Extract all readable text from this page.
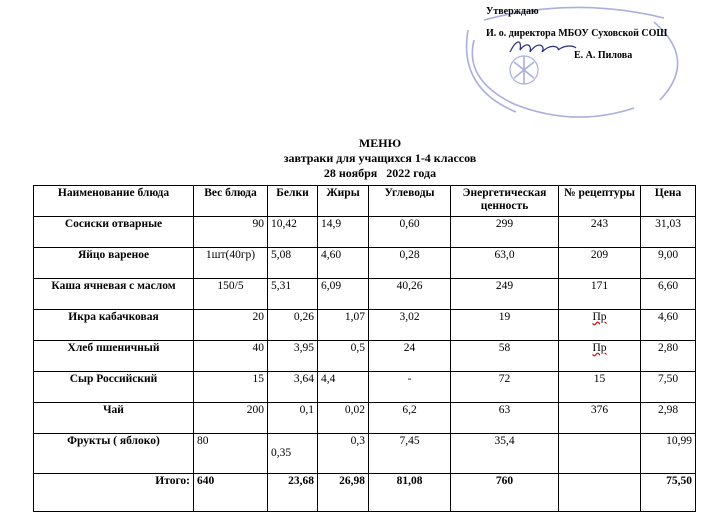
Утверждаю
И. о. директора МБОУ Суховской СОШ
Е. А. Пилова
МЕНЮ
завтраки для учащихся 1-4 классов
28 ноября   2022 года
Наименование блюда	Вес блюда	Белки	Жиры	Углеводы	Энергетическая ценность	№ рецептуры	Цена
Сосиски отварные	90	10,42	14,9	0,60	299	243	31,03
Яйцо вареное	1шт(40гр)	5,08	4,60	0,28	63,0	209	9,00
Каша ячневая с маслом	150/5	5,31	6,09	40,26	249	171	6,60
Икра кабачковая	20	0,26	1,07	3,02	19	Пр	4,60
Хлеб пшеничный	40	3,95	0,5	24	58	Пр	2,80
Сыр Российский	15	3,64	4,4	-	72	15	7,50
Чай	200	0,1	0,02	6,2	63	376	2,98
Фрукты ( яблоко)	80	0,35	0,3	7,45	35,4		10,99
Итого:	640	23,68	26,98	81,08	760		75,50
